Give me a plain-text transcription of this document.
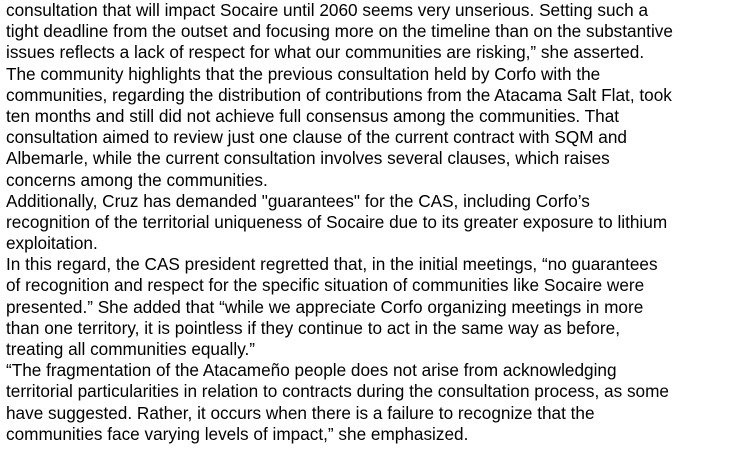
consultation that will impact Socaire until 2060 seems very unserious. Setting such a
tight deadline from the outset and focusing more on the timeline than on the substantive
issues reflects a lack of respect for what our communities are risking,” she asserted.
The community highlights that the previous consultation held by Corfo with the
communities, regarding the distribution of contributions from the Atacama Salt Flat, took
ten months and still did not achieve full consensus among the communities. That
consultation aimed to review just one clause of the current contract with SQM and
Albemarle, while the current consultation involves several clauses, which raises
concerns among the communities.
Additionally, Cruz has demanded "guarantees" for the CAS, including Corfo’s
recognition of the territorial uniqueness of Socaire due to its greater exposure to lithium
exploitation.
In this regard, the CAS president regretted that, in the initial meetings, “no guarantees
of recognition and respect for the specific situation of communities like Socaire were
presented.” She added that “while we appreciate Corfo organizing meetings in more
than one territory, it is pointless if they continue to act in the same way as before,
treating all communities equally.”
“The fragmentation of the Atacameño people does not arise from acknowledging
territorial particularities in relation to contracts during the consultation process, as some
have suggested. Rather, it occurs when there is a failure to recognize that the
communities face varying levels of impact,” she emphasized.
